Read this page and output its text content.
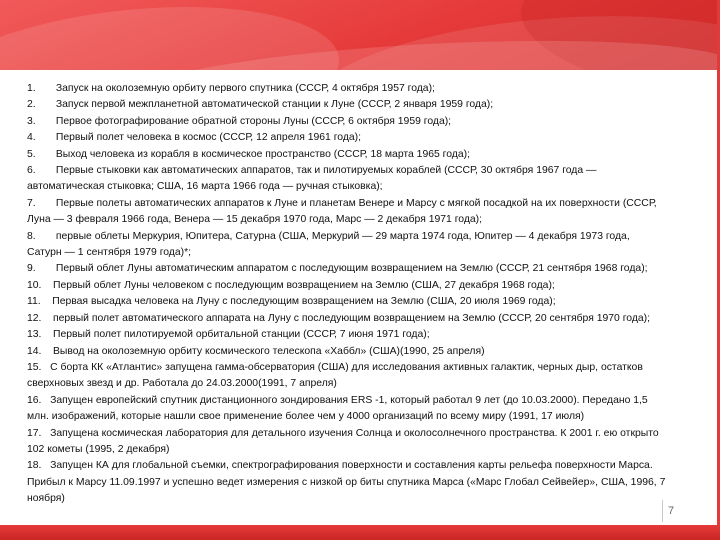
1.       Запуск на околоземную орбиту первого спутника (СССР, 4 октября 1957 года);

2.       Запуск первой межпланетной автоматической станции к Луне (СССР, 2 января 1959 года);

3.       Первое фотографирование обратной стороны Луны (СССР, 6 октября 1959 года);

4.       Первый полет человека в космос (СССР, 12 апреля 1961 года);

5.       Выход человека из корабля в космическое пространство (СССР, 18 марта 1965 года);

6.       Первые стыковки как автоматических аппаратов, так и пилотируемых кораблей (СССР, 30 октября 1967 года — автоматическая стыковка; США, 16 марта 1966 года — ручная стыковка);

7.       Первые полеты автоматических аппаратов к Луне и планетам Венере и Марсу с мягкой посадкой на их поверхности (СССР, Луна — 3 февраля 1966 года, Венера — 15 декабря 1970 года, Марс — 2 декабря 1971 года);

8.       первые облеты Меркурия, Юпитера, Сатурна (США, Меркурий — 29 марта 1974 года, Юпитер — 4 декабря 1973 года, Сатурн — 1 сентября 1979 года)*;

9.       Первый облет Луны автоматическим аппаратом с последующим возвращением на Землю (СССР, 21 сентября 1968 года);

10.    Первый облет Луны человеком с последующим возвращением на Землю (США, 27 декабря 1968 года);

11.    Первая высадка человека на Луну с последующим возвращением на Землю (США, 20 июля 1969 года);

12.    первый полет автоматического аппарата на Луну с последующим возвращением на Землю (СССР, 20 сентября 1970 года);

13.    Первый полет пилотируемой орбитальной станции (СССР, 7 июня 1971 года);

14.    Вывод на околоземную орбиту космического телескопа «Хаббл» (США)(1990, 25 апреля)

15.   С борта КК «Атлантис» запущена гамма-обсерватория (США) для исследования активных галактик, черных дыр, остатков сверхновых звезд и др. Работала до 24.03.2000(1991, 7 апреля)

16.   Запущен европейский спутник дистанционного зондирования ERS -1, который работал 9 лет (до 10.03.2000). Передано 1,5 млн. изображений, которые нашли свое применение более чем у 4000 организаций по всему миру (1991, 17 июля)

17.   Запущена космическая лаборатория для детального изучения Солнца и околосолнечного пространства. К 2001 г. ею открыто 102 кометы (1995, 2 декабря)

18.   Запущен КА для глобальной съемки, спектрографирования поверхности и составления карты рельефа поверхности Марса. Прибыл к Марсу 11.09.1997 и успешно ведет измерения с низкой ор биты спутника Марса («Марс Глобал Сейвейер», США, 1996, 7 ноября)

7
